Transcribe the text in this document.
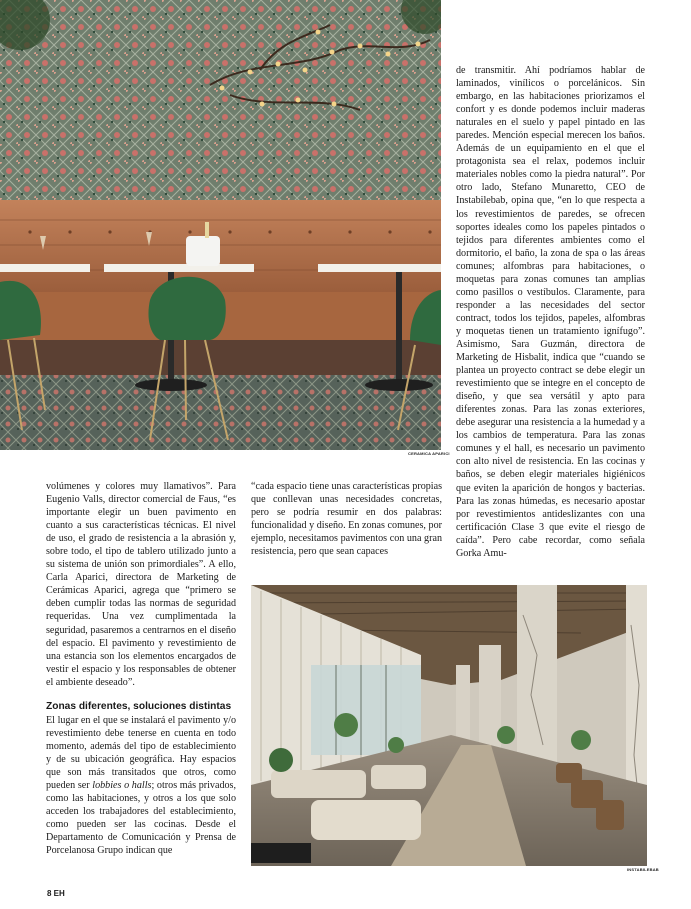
CERAMICA APARICI

de transmitir. Ahí podríamos hablar de laminados, vinílicos o porcelánicos. Sin embargo, en las habitaciones priorizamos el confort y es donde podemos incluir maderas naturales en el suelo y papel pintado en las paredes. Mención especial merecen los baños. Además de un equipamiento en el que el protagonista sea el relax, podemos incluir materiales nobles como la piedra natural”. Por otro lado, Stefano Munaretto, CEO de Instabilebab, opina que, “en lo que respecta a los revestimientos de paredes, se ofrecen soportes ideales como los papeles pintados o tejidos para diferentes ambientes como el dormitorio, el baño, la zona de spa o las áreas comunes; alfombras para habitaciones, o moquetas para zonas comunes tan amplias como pasillos o vestíbulos. Claramente, para responder a las necesidades del sector contract, todos los tejidos, papeles, alfombras y moquetas tienen un tratamiento ignífugo”. Asimismo, Sara Guzmán, directora de Marketing de Hisbalit, indica que “cuando se plantea un proyecto contract se debe elegir un revestimiento que se integre en el concepto de diseño, y que sea versátil y apto para diferentes zonas. Para las zonas exteriores, debe asegurar una resistencia a la humedad y a los cambios de temperatura. Para las zonas comunes y el hall, es necesario un pavimento con alto nivel de resistencia. En las cocinas y baños, se deben elegir materiales higiénicos que eviten la aparición de hongos y bacterias. Para las zonas húmedas, es necesario apostar por revestimientos antideslizantes con una certificación Clase 3 que evite el riesgo de caída”. Pero cabe recordar, como señala Gorka Amu-

volúmenes y colores muy llamativos”. Para Eugenio Valls, director comercial de Faus, “es importante elegir un buen pavimento en cuanto a sus características técnicas. El nivel de uso, el grado de resistencia a la abrasión y, sobre todo, el tipo de tablero utilizado junto a su sistema de unión son primordiales”. A ello, Carla Aparici, directora de Marketing de Cerámicas Aparici, agrega que “primero se deben cumplir todas las normas de seguridad requeridas. Una vez cumplimentada la seguridad, pasaremos a centrarnos en el diseño del espacio. El pavimento y revestimiento de una estancia son los elementos encargados de vestir el espacio y los responsables de obtener el ambiente deseado”.

Zonas diferentes, soluciones distintas

El lugar en el que se instalará el pavimento y/o revestimiento debe tenerse en cuenta en todo momento, además del tipo de establecimiento y de su ubicación geográfica. Hay espacios que son más transitados que otros, como pueden ser lobbies o halls; otros más privados, como las habitaciones, y otros a los que solo acceden los trabajadores del establecimiento, como pueden ser las cocinas. Desde el Departamento de Comunicación y Prensa de Porcelanosa Grupo indican que

“cada espacio tiene unas características propias que conllevan unas necesidades concretas, pero se podría resumir en dos palabras: funcionalidad y diseño. En zonas comunes, por ejemplo, necesitamos pavimentos con una gran resistencia, pero que sean capaces

INSTABILEBAB
8 EH
